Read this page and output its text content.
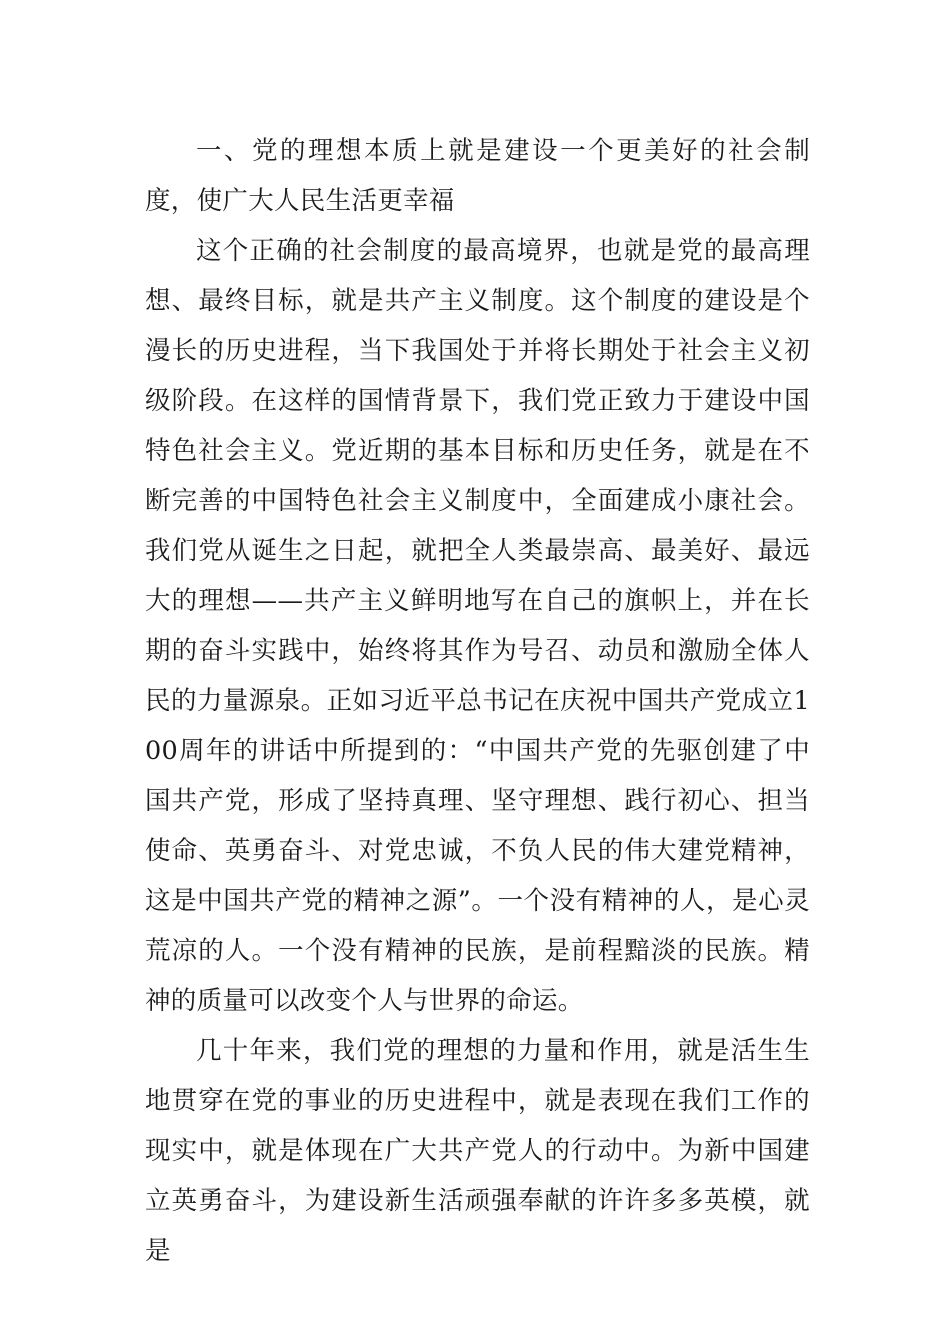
一、党的理想本质上就是建设一个更美好的社会制度，使广大人民生活更幸福

这个正确的社会制度的最高境界，也就是党的最高理想、最终目标，就是共产主义制度。这个制度的建设是个漫长的历史进程，当下我国处于并将长期处于社会主义初级阶段。在这样的国情背景下，我们党正致力于建设中国特色社会主义。党近期的基本目标和历史任务，就是在不断完善的中国特色社会主义制度中，全面建成小康社会。我们党从诞生之日起，就把全人类最崇高、最美好、最远大的理想——共产主义鲜明地写在自己的旗帜上，并在长期的奋斗实践中，始终将其作为号召、动员和激励全体人民的力量源泉。正如习近平总书记在庆祝中国共产党成立100周年的讲话中所提到的：“中国共产党的先驱创建了中国共产党，形成了坚持真理、坚守理想、践行初心、担当使命、英勇奋斗、对党忠诚，不负人民的伟大建党精神，这是中国共产党的精神之源”。一个没有精神的人，是心灵荒凉的人。一个没有精神的民族，是前程黯淡的民族。精神的质量可以改变个人与世界的命运。

几十年来，我们党的理想的力量和作用，就是活生生地贯穿在党的事业的历史进程中，就是表现在我们工作的现实中，就是体现在广大共产党人的行动中。为新中国建立英勇奋斗，为建设新生活顽强奉献的许许多多英模，就是
